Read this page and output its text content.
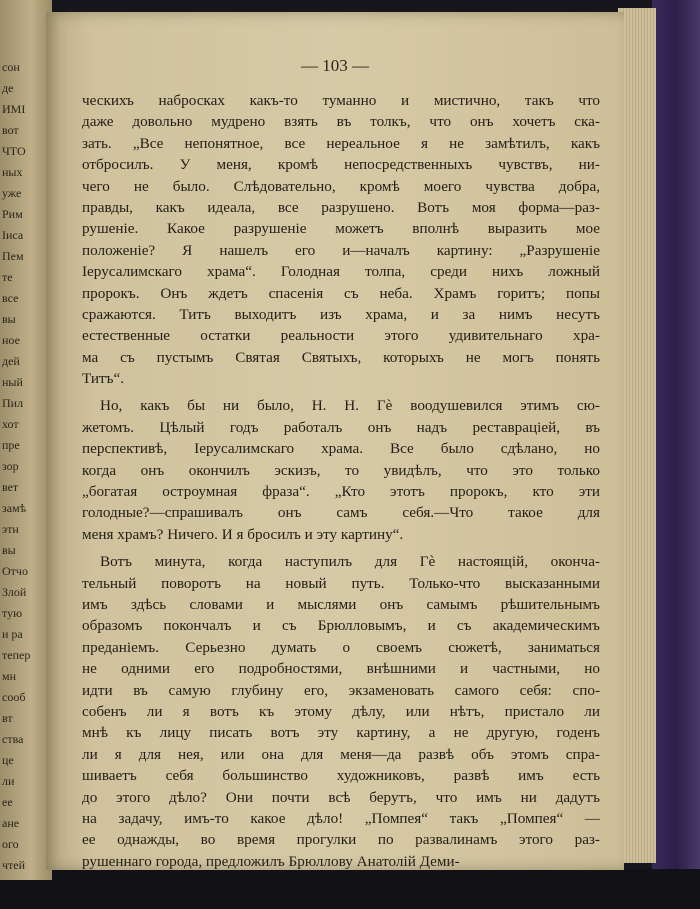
сон
де
ИМІ
вот
ЧТО
ных
уже
Рим
Іиса
Пем
те
все
вы
ное
дей
ный
Пил
хот
пре
зор
вет
замѣ
этн
вы
Отчо
Злой
тую
и ра
тепер
мн
сооб
вт
ства
це
ли
ее
ане
ого
чтей
— 103 —
ческихъ набросках какъ-то туманно и мистично, такъ что
даже довольно мудрено взять въ толкъ, что онъ хочетъ ска-
зать. „Все непонятное, все нереальное я не замѣтилъ, какъ
отбросилъ. У меня, кромѣ непосредственныхъ чувствъ, ни-
чего не было. Слѣдовательно, кромѣ моего чувства добра,
правды, какъ идеала, все разрушено. Вотъ моя форма—раз-
рушеніе. Какое разрушеніе можетъ вполнѣ выразить мое
положеніе? Я нашелъ его и—началъ картину: „Разрушеніе
Іерусалимскаго храма“. Голодная толпа, среди нихъ ложный
пророкъ. Онъ ждетъ спасенія съ неба. Храмъ горитъ; попы
сражаются. Титъ выходитъ изъ храма, и за нимъ несутъ
естественные остатки реальности этого удивительнаго хра-
ма съ пустымъ Святая Святыхъ, которыхъ не могъ понять
Титъ“.
Но, какъ бы ни было, Н. Н. Гѐ воодушевился этимъ сю-
жетомъ. Цѣлый годъ работалъ онъ надъ реставраціей, въ
перспективѣ, Іерусалимскаго храма. Все было сдѣлано, но
когда онъ окончилъ эскизъ, то увидѣлъ, что это только
„богатая остроумная фраза“. „Кто этотъ пророкъ, кто эти
голодные?—спрашивалъ онъ самъ себя.—Что такое для
меня храмъ? Ничего. И я бросилъ и эту картину“.
Вотъ минута, когда наступилъ для Гѐ настоящій, оконча-
тельный поворотъ на новый путь. Только-что высказанными
имъ здѣсь словами и мыслями онъ самымъ рѣшительнымъ
образомъ покончалъ и съ Брюлловымъ, и съ академическимъ
преданіемъ. Серьезно думать о своемъ сюжетѣ, заниматься
не одними его подробностями, внѣшними и частными, но
идти въ самую глубину его, экзаменовать самого себя: спо-
собенъ ли я вотъ къ этому дѣлу, или нѣтъ, пристало ли
мнѣ къ лицу писать вотъ эту картину, а не другую, годенъ
ли я для нея, или она для меня—да развѣ объ этомъ спра-
шиваетъ себя большинство художниковъ, развѣ имъ есть
до этого дѣло? Они почти всѣ берутъ, что имъ ни дадутъ
на задачу, имъ-то какое дѣло! „Помпея“ такъ „Помпея“ —
ее однажды, во время прогулки по развалинамъ этого раз-
рушеннаго города, предложилъ Брюллову Анатолій Деми-
